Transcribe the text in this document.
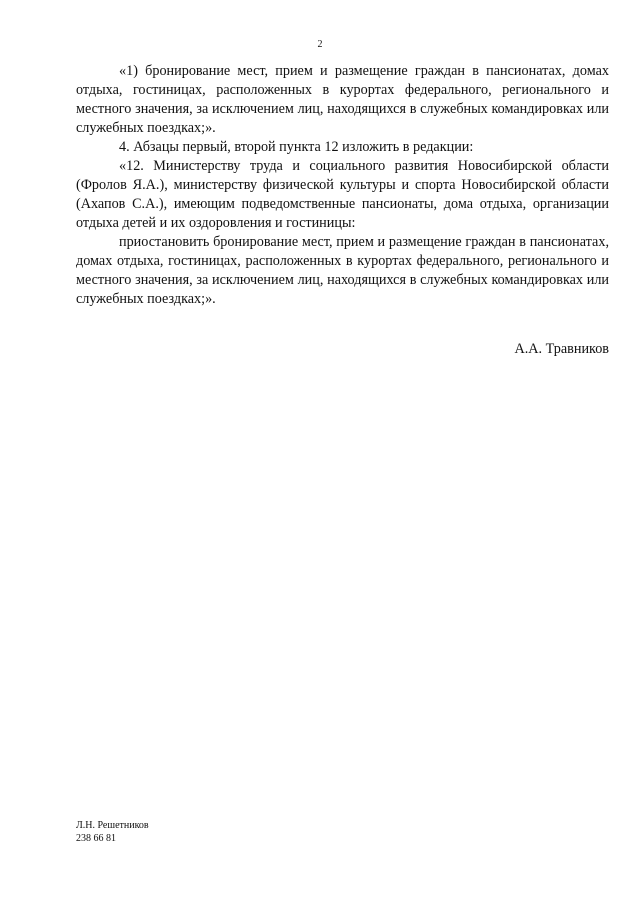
2

«1) бронирование мест, прием и размещение граждан в пансионатах, домах отдыха, гостиницах, расположенных в курортах федерального, регионального и местного значения, за исключением лиц, находящихся в служебных командировках или служебных поездках;».

4. Абзацы первый, второй пункта 12 изложить в редакции:

«12. Министерству труда и социального развития Новосибирской области (Фролов Я.А.), министерству физической культуры и спорта Новосибирской области (Ахапов С.А.), имеющим подведомственные пансионаты, дома отдыха, организации отдыха детей и их оздоровления и гостиницы:

приостановить бронирование мест, прием и размещение граждан в пансионатах, домах отдыха, гостиницах, расположенных в курортах федерального, регионального и местного значения, за исключением лиц, находящихся в служебных командировках или служебных поездках;».

А.А. Травников
Л.Н. Решетников
238 66 81
